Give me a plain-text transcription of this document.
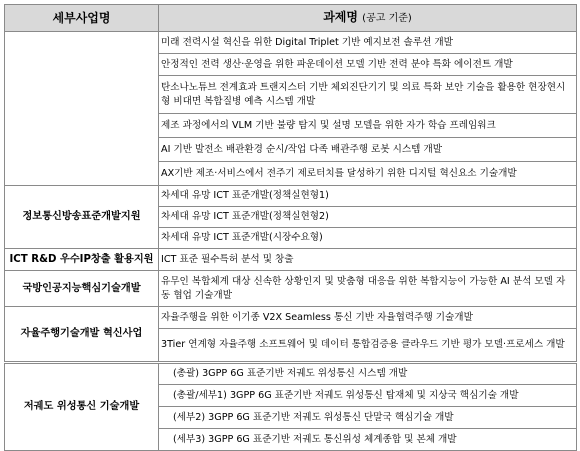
세부사업명	과제명 (공고 기준)
	미래 전력시설 혁신을 위한 Digital Triplet 기반 예지보전 솔루션 개발
	안정적인 전력 생산·운영을 위한 파운데이션 모델 기반 전력 분야 특화 에이전트 개발
	탄소나노튜브 전계효과 트랜지스터 기반 체외진단기기 및 의료 특화 보안 기술을 활용한 현장현시형 비대면 복합질병 예측 시스템 개발
	제조 과정에서의 VLM 기반 불량 탐지 및 설명 모델을 위한 자가 학습 프레임워크
	AI 기반 발전소 배관환경 순시/작업 다족 배관주행 로봇 시스템 개발
	AX기반 제조·서비스에서 전주기 제로터치를 달성하기 위한 디지털 혁신요소 기술개발
정보통신방송표준개발지원	차세대 유망 ICT 표준개발(정책실현형1)
	차세대 유망 ICT 표준개발(정책실현형2)
	차세대 유망 ICT 표준개발(시장수요형)
ICT R&D 우수IP창출 활용지원	ICT 표준 필수특허 분석 및 창출
국방인공지능핵심기술개발	유무인 복합체계 대상 신속한 상황인지 및 맞춤형 대응을 위한 복합지능이 가능한 AI 분석 모델 자동 협업 기술개발
자율주행기술개발 혁신사업	자율주행을 위한 이기종 V2X Seamless 통신 기반 자율협력주행 기술개발
	3Tier 연계형 자율주행 소프트웨어 및 데이터 통합검증용 클라우드 기반 평가 모델·프로세스 개발
저궤도 위성통신 기술개발	(총괄) 3GPP 6G 표준기반 저궤도 위성통신 시스템 개발
	(총괄/세부1) 3GPP 6G 표준기반 저궤도 위성통신 탑재체 및 지상국 핵심기술 개발
	(세부2) 3GPP 6G 표준기반 저궤도 위성통신 단말국 핵심기술 개발
	(세부3) 3GPP 6G 표준기반 저궤도 통신위성 체계종합 및 본체 개발
